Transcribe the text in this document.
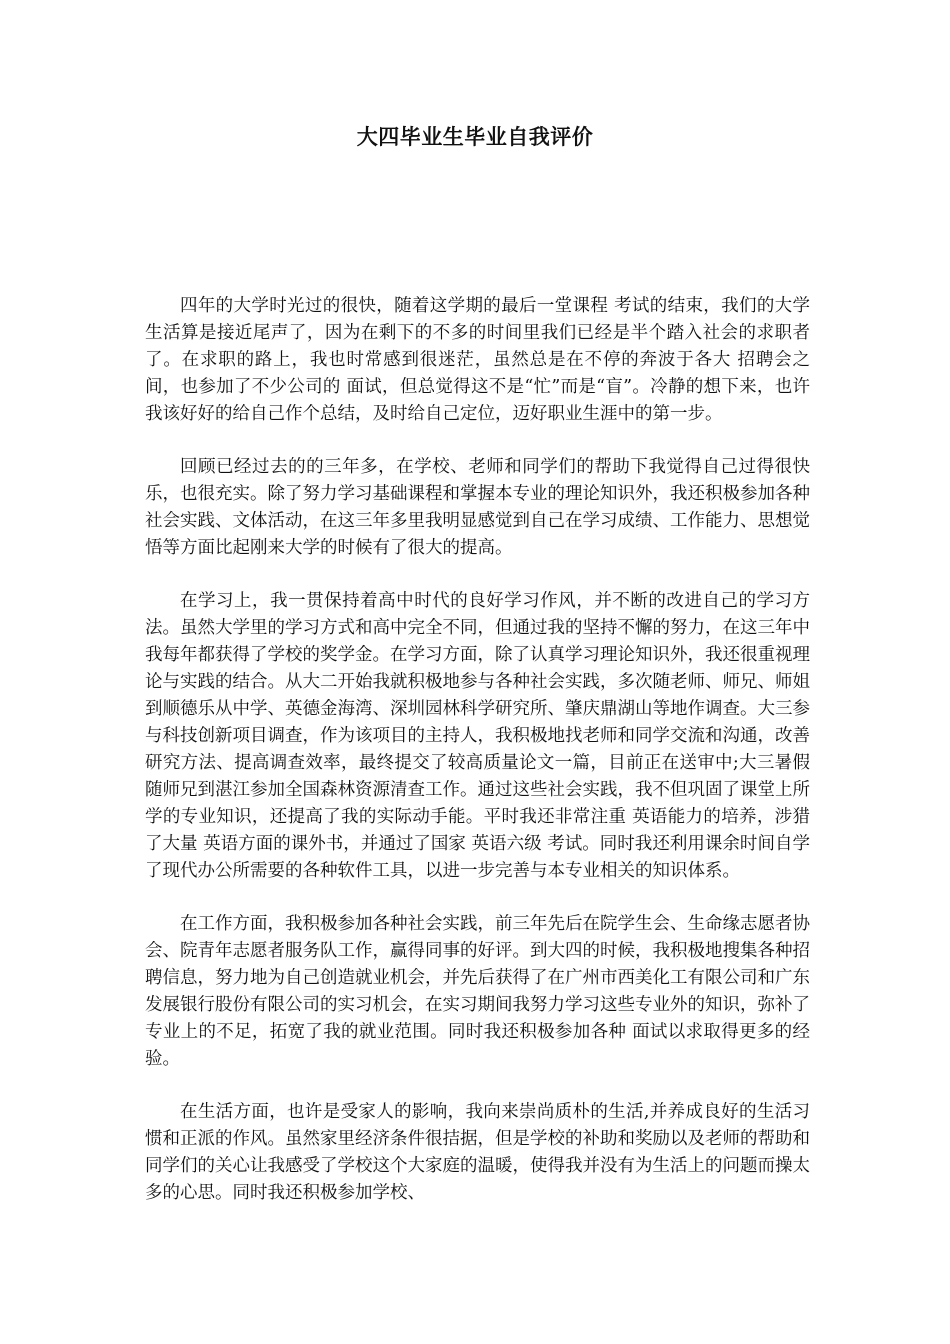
大四毕业生毕业自我评价

四年的大学时光过的很快，随着这学期的最后一堂课程 考试的结束，我们的大学生活算是接近尾声了，因为在剩下的不多的时间里我们已经是半个踏入社会的求职者了。在求职的路上，我也时常感到很迷茫，虽然总是在不停的奔波于各大 招聘会之间，也参加了不少公司的 面试，但总觉得这不是“忙”而是“盲”。冷静的想下来，也许我该好好的给自己作个总结，及时给自己定位，迈好职业生涯中的第一步。

回顾已经过去的的三年多，在学校、老师和同学们的帮助下我觉得自己过得很快乐，也很充实。除了努力学习基础课程和掌握本专业的理论知识外，我还积极参加各种社会实践、文体活动，在这三年多里我明显感觉到自己在学习成绩、工作能力、思想觉悟等方面比起刚来大学的时候有了很大的提高。

在学习上，我一贯保持着高中时代的良好学习作风，并不断的改进自己的学习方法。虽然大学里的学习方式和高中完全不同，但通过我的坚持不懈的努力，在这三年中我每年都获得了学校的奖学金。在学习方面，除了认真学习理论知识外，我还很重视理论与实践的结合。从大二开始我就积极地参与各种社会实践，多次随老师、师兄、师姐到顺德乐从中学、英德金海湾、深圳园林科学研究所、肇庆鼎湖山等地作调查。大三参与科技创新项目调查，作为该项目的主持人，我积极地找老师和同学交流和沟通，改善研究方法、提高调查效率，最终提交了较高质量论文一篇，目前正在送审中;大三暑假随师兄到湛江参加全国森林资源清查工作。通过这些社会实践，我不但巩固了课堂上所学的专业知识，还提高了我的实际动手能。平时我还非常注重 英语能力的培养，涉猎了大量 英语方面的课外书，并通过了国家 英语六级 考试。同时我还利用课余时间自学了现代办公所需要的各种软件工具，以进一步完善与本专业相关的知识体系。

在工作方面，我积极参加各种社会实践，前三年先后在院学生会、生命缘志愿者协会、院青年志愿者服务队工作，赢得同事的好评。到大四的时候，我积极地搜集各种招聘信息，努力地为自己创造就业机会，并先后获得了在广州市西美化工有限公司和广东发展银行股份有限公司的实习机会，在实习期间我努力学习这些专业外的知识，弥补了专业上的不足，拓宽了我的就业范围。同时我还积极参加各种 面试以求取得更多的经验。

在生活方面，也许是受家人的影响，我向来崇尚质朴的生活,并养成良好的生活习惯和正派的作风。虽然家里经济条件很拮据，但是学校的补助和奖励以及老师的帮助和同学们的关心让我感受了学校这个大家庭的温暖，使得我并没有为生活上的问题而操太多的心思。同时我还积极参加学校、
